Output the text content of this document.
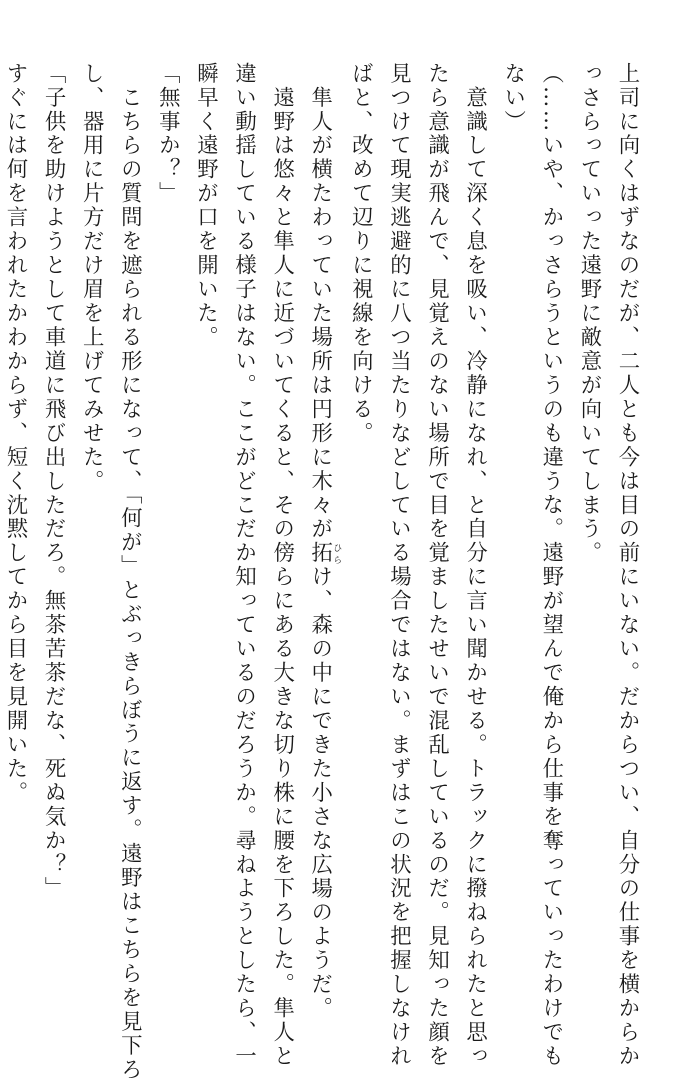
上司に向くはずなのだが、二人とも今は目の前にいない。だからつい、自分の仕事を横からか

っさらっていった遠野に敵意が向いてしまう。

（……いや、かっさらうというのも違うな。遠野が望んで俺から仕事を奪っていったわけでも

ない）

　意識して深く息を吸い、冷静になれ、と自分に言い聞かせる。トラックに撥ねられたと思っ

たら意識が飛んで、見覚えのない場所で目を覚ましたせいで混乱しているのだ。見知った顔を

見つけて現実逃避的に八つ当たりなどしている場合ではない。まずはこの状況を把握しなけれ

ばと、改めて辺りに視線を向ける。

　隼人が横たわっていた場所は円形に木々が拓ひらけ、森の中にできた小さな広場のようだ。

　遠野は悠々と隼人に近づいてくると、その傍らにある大きな切り株に腰を下ろした。隼人と

違い動揺している様子はない。ここがどこだか知っているのだろうか。尋ねようとしたら、一

瞬早く遠野が口を開いた。

「無事か？」

　こちらの質問を遮られる形になって、「何が」とぶっきらぼうに返す。遠野はこちらを見下ろ

し、器用に片方だけ眉を上げてみせた。

「子供を助けようとして車道に飛び出しただろ。無茶苦茶だな、死ぬ気か？」

すぐには何を言われたかわからず、短く沈黙してから目を見開いた。
